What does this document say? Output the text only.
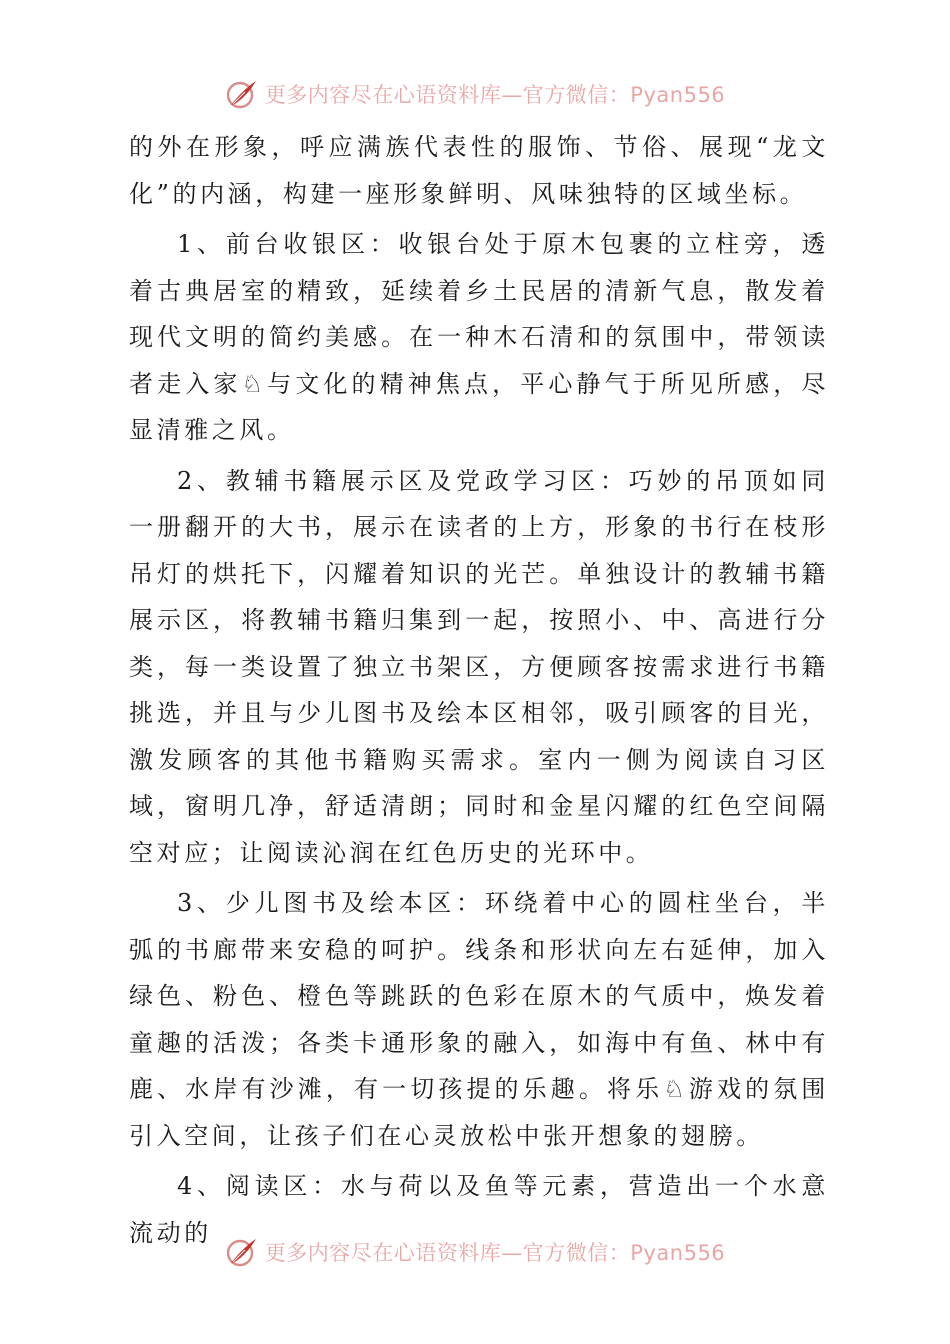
更多内容尽在心语资料库—官方微信：Pyan556

的外在形象，呼应满族代表性的服饰、节俗、展现“龙文化”的内涵，构建一座形象鲜明、风味独特的区域坐标。

1、前台收银区：收银台处于原木包裹的立柱旁，透着古典居室的精致，延续着乡土民居的清新气息，散发着现代文明的简约美感。在一种木石清和的氛围中，带领读者走入家♘与文化的精神焦点，平心静气于所见所感，尽显清雅之风。

2、教辅书籍展示区及党政学习区：巧妙的吊顶如同一册翻开的大书，展示在读者的上方，形象的书行在枝形吊灯的烘托下，闪耀着知识的光芒。单独设计的教辅书籍展示区，将教辅书籍归集到一起，按照小、中、高进行分类，每一类设置了独立书架区，方便顾客按需求进行书籍挑选，并且与少儿图书及绘本区相邻，吸引顾客的目光，激发顾客的其他书籍购买需求。室内一侧为阅读自习区域，窗明几净，舒适清朗；同时和金星闪耀的红色空间隔空对应；让阅读沁润在红色历史的光环中。

3、少儿图书及绘本区：环绕着中心的圆柱坐台，半弧的书廊带来安稳的呵护。线条和形状向左右延伸，加入绿色、粉色、橙色等跳跃的色彩在原木的气质中，焕发着童趣的活泼；各类卡通形象的融入，如海中有鱼、林中有鹿、水岸有沙滩，有一切孩提的乐趣。将乐♘游戏的氛围引入空间，让孩子们在心灵放松中张开想象的翅膀。

4、阅读区：水与荷以及鱼等元素，营造出一个水意流动的

更多内容尽在心语资料库—官方微信：Pyan556
